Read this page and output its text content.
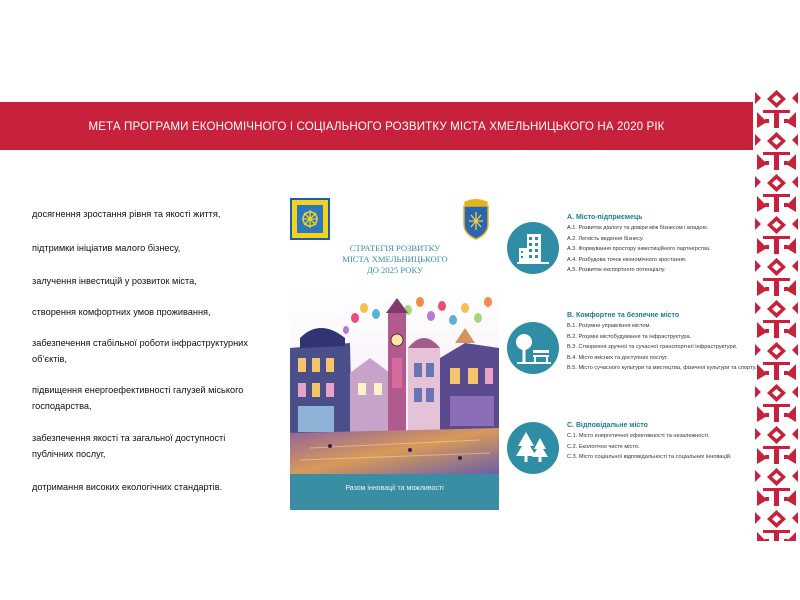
МЕТА ПРОГРАМИ ЕКОНОМІЧНОГО І СОЦІАЛЬНОГО РОЗВИТКУ МІСТА ХМЕЛЬНИЦЬКОГО НА 2020 РІК
досягнення зростання рівня та якості життя,
підтримки ініціатив малого бізнесу,
залучення інвестицій у розвиток міста,
створення комфортних умов проживання,
забезпечення стабільної роботи інфраструктурних об’єктів,
підвищення енергоефективності галузей міського господарства,
забезпечення якості та загальної доступності публічних послуг,
дотримання високих екологічних стандартів.
СТРАТЕГІЯ РОЗВИТКУ
МІСТА ХМЕЛЬНИЦЬКОГО
ДО 2025 РОКУ
Разом інновації та можливості
А. Місто-підприємець
А.1. Розвиток діалогу та довіри між бізнесом і владою.
А.2. Легкість ведення бізнесу.
А.3. Формування простору інвестиційного партнерства.
А.4. Розбудова точок економічного зростання.
А.5. Розвиток експортного потенціалу.
В. Комфортне та безпечне місто
В.1. Розумне управління містом.
В.2. Розумні містобудування та інфраструктура.
В.3. Створення зручної та сучасної транспортної інфраструктури.
В.4. Місто якісних та доступних послуг.
В.5. Місто сучасного культури та мистецтва, фізичної культури та спорту.
С. Відповідальне місто
С.1. Місто енергетичної ефективності та незалежності.
С.2. Екологічно чисте місто.
С.3. Місто соціальної відповідальності та соціальних інновацій.
